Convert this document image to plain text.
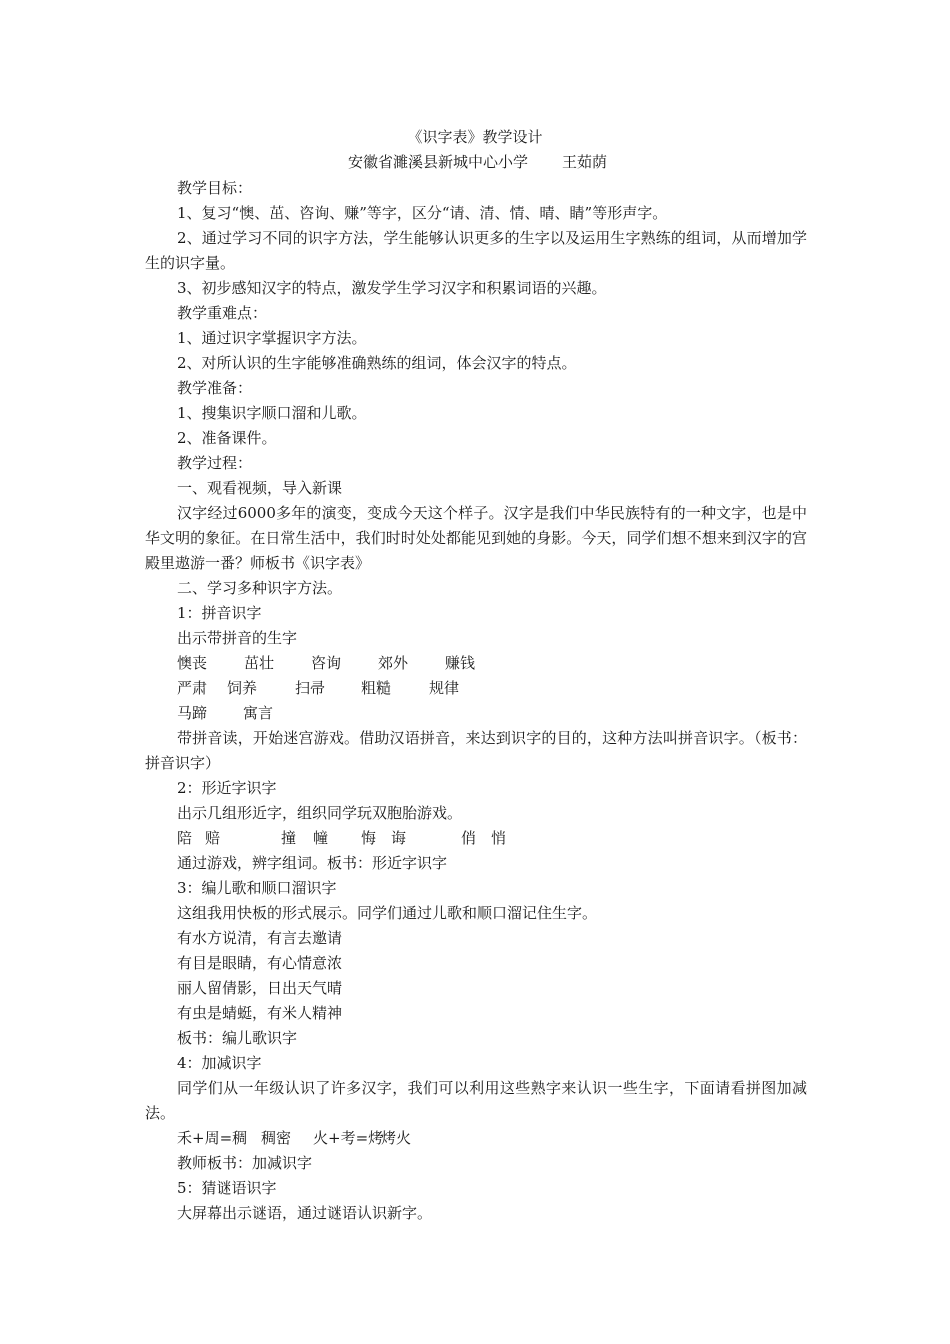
《识字表》教学设计
安徽省濉溪县新城中心小学 王茹荫

教学目标：

1、复习“懊、茁、咨询、赚”等字，区分“请、清、情、晴、睛”等形声字。

2、通过学习不同的识字方法，学生能够认识更多的生字以及运用生字熟练的组词，从而增加学生的识字量。

3、初步感知汉字的特点，激发学生学习汉字和积累词语的兴趣。

教学重难点：

1、通过识字掌握识字方法。

2、对所认识的生字能够准确熟练的组词，体会汉字的特点。

教学准备：

1、搜集识字顺口溜和儿歌。

2、准备课件。

教学过程：

一、观看视频，导入新课

汉字经过6000多年的演变，变成今天这个样子。汉字是我们中华民族特有的一种文字，也是中华文明的象征。在日常生活中，我们时时处处都能见到她的身影。今天，同学们想不想来到汉字的宫殿里遨游一番？师板书《识字表》

二、学习多种识字方法。

1：拼音识字

出示带拼音的生字

懊丧 茁壮 咨询 郊外 赚钱

严肃 饲养	扫帚 粗糙	规律

马蹄 寓言

带拼音读，开始迷宫游戏。借助汉语拼音，来达到识字的目的，这种方法叫拼音识字。（板书：拼音识字）

2：形近字识字

出示几组形近字，组织同学玩双胞胎游戏。

陪 赔	撞 幢 悔 诲	俏 悄

通过游戏，辨字组词。板书：形近字识字

3：编儿歌和顺口溜识字

这组我用快板的形式展示。同学们通过儿歌和顺口溜记住生字。

有水方说清，有言去邀请

有目是眼睛，有心情意浓

丽人留倩影，日出天气晴

有虫是蜻蜓，有米人精神

板书：编儿歌识字

4：加减识字

同学们从一年级认识了许多汉字，我们可以利用这些熟字来认识一些生字，下面请看拼图加减法。

禾+周=稠 稠密 火+考=烤烤火

教师板书：加减识字

5：猜谜语识字

大屏幕出示谜语，通过谜语认识新字。
